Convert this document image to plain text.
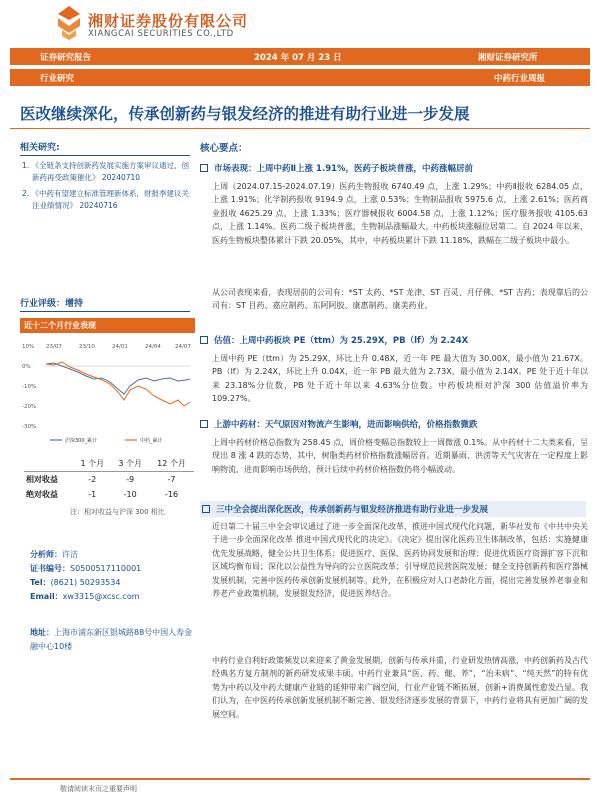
湘财证券股份有限公司
XIANGCAI SECURITIES CO.,LTD
证券研究报告	2024 年 07 月 23 日	湘财证券研究所
行业研究	中药行业周报
医改继续深化，传承创新药与银发经济的推进有助行业进一步发展
相关研究:
1. 《全链条支持创新药发展实施方案审议通过，创新药再受政策催化》 20240710
2. 《中药有望建立标准管理新体系，财报季建议关注业绩情况》 20240716
行业评级：增持
近十二个月行业表现
10%
0%
-10%
-20%
-30%
23/07	23/10	24/01	24/04	24/07
沪深300_累计	中药_累计
	1 个月	3 个月	12 个月
相对收益	-2	-9	-7
绝对收益	-1	-10	-16
注：相对收益与沪深 300 相比
分析师：许洁
证书编号：S0500517110001
Tel：(8621) 50293534
Email：xw3315@xcsc.com
地址：上海市浦东新区银城路88号中国人寿金融中心10楼
核心要点：
市场表现：上周中药Ⅱ上涨 1.91%，医药子板块普涨，中药涨幅居前
上周（2024.07.15-2024.07.19）医药生物报收 6740.49 点，上涨 1.29%；中药Ⅱ报收 6284.05 点，上涨 1.91%；化学制药报收 9194.9 点，上涨 0.53%；生物制品报收 5975.6 点，上涨 2.61%；医药商业报收 4625.29 点，上涨 1.33%；医疗器械报收 6004.58 点，上涨 1.12%；医疗服务报收 4105.63 点，上涨 1.14%。医药二级子板块普涨，生物制品涨幅最大，中药板块涨幅位居第二。自 2024 年以来，医药生物板块整体累计下跌 20.05%，其中，中药板块累计下跌 11.18%，跌幅在二级子板块中最小。
从公司表现来看，表现居前的公司有：*ST 太药、*ST 龙津、ST 百灵、月仔佛、*ST 吉药；表现靠后的公司有：ST 目药、嘉应制药、东阿阿胶、康惠制药、康美药业。
估值：上周中药板块 PE（ttm）为 25.29X，PB（lf）为 2.24X
上周中药 PE（ttm）为 25.29X，环比上升 0.48X，近一年 PE 最大值为 30.00X，最小值为 21.67X。PB（lf）为 2.24X，环比上升 0.04X，近一年 PB 最大值为 2.73X，最小值为 2.14X。PE 处于近十年以来 23.18%分位数，PB 处于近十年以来 4.63%分位数。中药板块相对沪深 300 估值溢价率为 109.27%。
上游中药材：天气原因对物流产生影响，进而影响供给，价格指数微跌
上周中药材价格总指数为 258.45 点，周价格变幅总指数较上一周微涨 0.1%。从中药材十二大类来看，呈现出 8 涨 4 跌的态势，其中，树脂类药材价格指数涨幅居首。近期暴雨、洪涝等天气灾害在一定程度上影响物流，进而影响市场供给，预计后续中药材价格指数仍将小幅波动。
三中全会提出深化医改，传承创新药与银发经济推进有助行业进一步发展
近日第二十届三中全会审议通过了进一步全面深化改革、推进中国式现代化问题，新华社发布《中共中央关于进一步全面深化改革 推进中国式现代化的决定》。《决定》提出深化医药卫生体制改革，包括：实施健康优先发展战略，健全公共卫生体系；促进医疗、医保、医药协同发展和治理；促进优质医疗资源扩容下沉和区域均衡布局；深化以公益性为导向的公立医院改革；引导规范民营医院发展；健全支持创新药和医疗器械发展机制，完善中医药传承创新发展机制等。此外，在积极应对人口老龄化方面，提出完善发展养老事业和养老产业政策机制，发展银发经济，促进医养结合。
中药行业自利好政策频发以来迎来了黄金发展期，创新与传承并重，行业研发热情高涨，中药创新药及古代经典名方复方制剂的新药研发成果丰硕。中药行业兼具“医、药、健、养”，“治未病”、“纯天然”的特有优势为中药以及中药大健康产业链的延伸带来广阔空间，行业产业链不断拓展，创新+消费属性愈发凸显。我们认为，在中医药传承创新发展机制不断完善、银发经济逐步发展的背景下，中药行业将具有更加广阔的发展空间。
敬请阅读末页之重要声明
